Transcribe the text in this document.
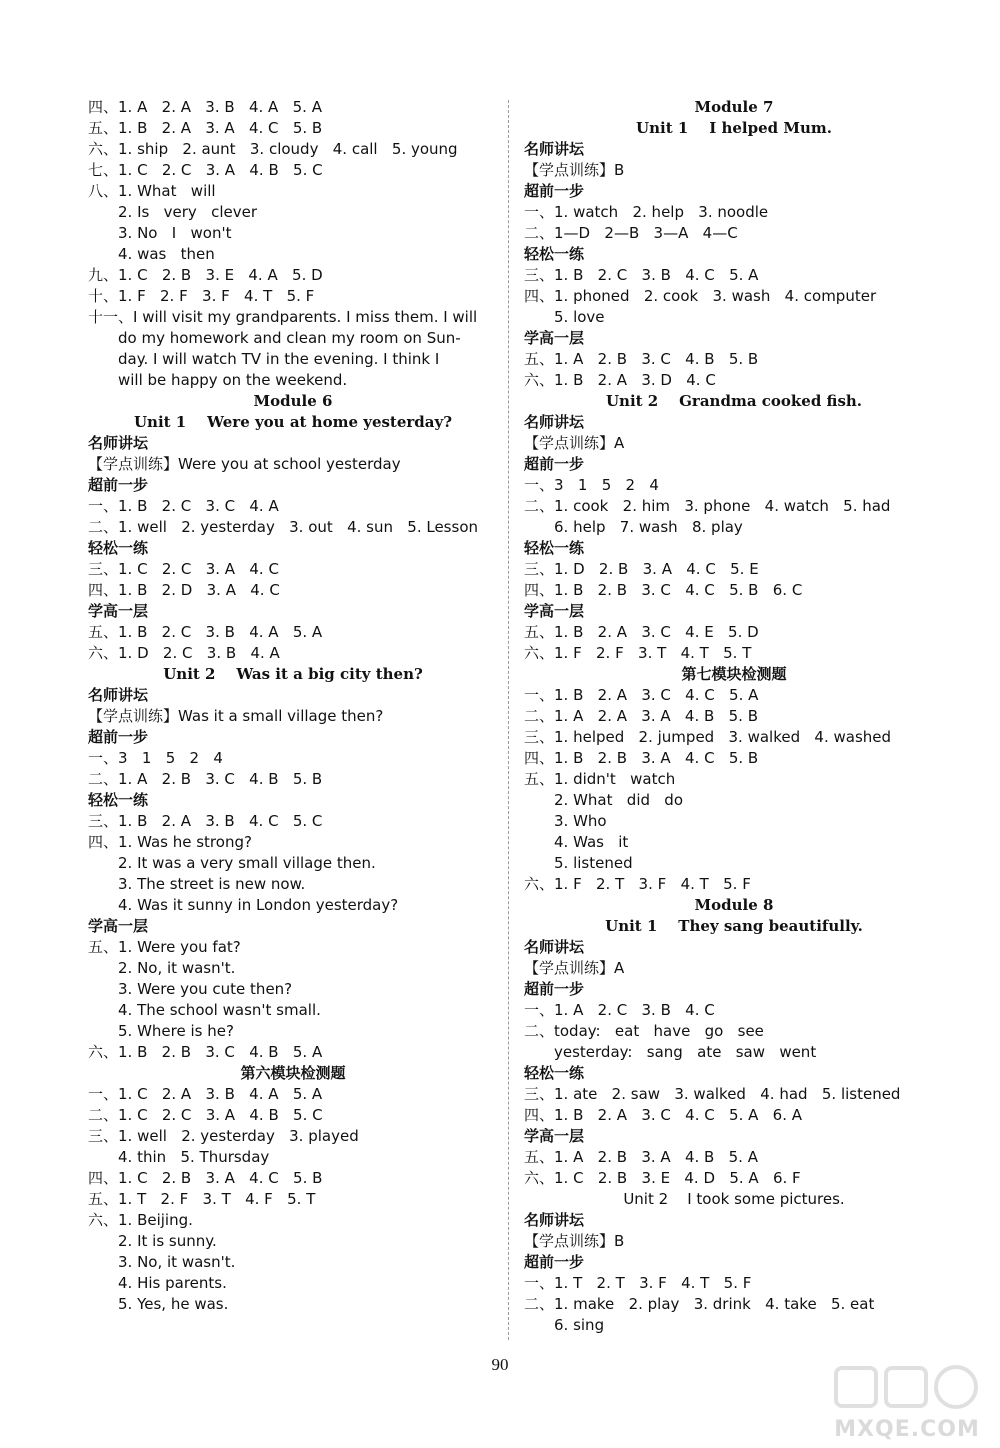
四、1. A   2. A   3. B   4. A   5. A
五、1. B   2. A   3. A   4. C   5. B
六、1. ship   2. aunt   3. cloudy   4. call   5. young
七、1. C   2. C   3. A   4. B   5. C
八、1. What   will
2. Is   very   clever
3. No   I   won't
4. was   then
九、1. C   2. B   3. E   4. A   5. D
十、1. F   2. F   3. F   4. T   5. F
十一、I will visit my grandparents. I miss them. I will
do my homework and clean my room on Sun-
day. I will watch TV in the evening. I think I
will be happy on the weekend.
Module 6
Unit 1    Were you at home yesterday?
名师讲坛
【学点训练】Were you at school yesterday
超前一步
一、1. B   2. C   3. C   4. A
二、1. well   2. yesterday   3. out   4. sun   5. Lesson
轻松一练
三、1. C   2. C   3. A   4. C
四、1. B   2. D   3. A   4. C
学高一层
五、1. B   2. C   3. B   4. A   5. A
六、1. D   2. C   3. B   4. A
Unit 2    Was it a big city then?
名师讲坛
【学点训练】Was it a small village then?
超前一步
一、3   1   5   2   4
二、1. A   2. B   3. C   4. B   5. B
轻松一练
三、1. B   2. A   3. B   4. C   5. C
四、1. Was he strong?
2. It was a very small village then.
3. The street is new now.
4. Was it sunny in London yesterday?
学高一层
五、1. Were you fat?
2. No, it wasn't.
3. Were you cute then?
4. The school wasn't small.
5. Where is he?
六、1. B   2. B   3. C   4. B   5. A
第六模块检测题
一、1. C   2. A   3. B   4. A   5. A
二、1. C   2. C   3. A   4. B   5. C
三、1. well   2. yesterday   3. played
4. thin   5. Thursday
四、1. C   2. B   3. A   4. C   5. B
五、1. T   2. F   3. T   4. F   5. T
六、1. Beijing.
2. It is sunny.
3. No, it wasn't.
4. His parents.
5. Yes, he was.
Module 7
Unit 1    I helped Mum.
名师讲坛
【学点训练】B
超前一步
一、1. watch   2. help   3. noodle
二、1—D   2—B   3—A   4—C
轻松一练
三、1. B   2. C   3. B   4. C   5. A
四、1. phoned   2. cook   3. wash   4. computer
5. love
学高一层
五、1. A   2. B   3. C   4. B   5. B
六、1. B   2. A   3. D   4. C
Unit 2    Grandma cooked fish.
名师讲坛
【学点训练】A
超前一步
一、3   1   5   2   4
二、1. cook   2. him   3. phone   4. watch   5. had
6. help   7. wash   8. play
轻松一练
三、1. D   2. B   3. A   4. C   5. E
四、1. B   2. B   3. C   4. C   5. B   6. C
学高一层
五、1. B   2. A   3. C   4. E   5. D
六、1. F   2. F   3. T   4. T   5. T
第七模块检测题
一、1. B   2. A   3. C   4. C   5. A
二、1. A   2. A   3. A   4. B   5. B
三、1. helped   2. jumped   3. walked   4. washed
四、1. B   2. B   3. A   4. C   5. B
五、1. didn't   watch
2. What   did   do
3. Who
4. Was   it
5. listened
六、1. F   2. T   3. F   4. T   5. F
Module 8
Unit 1    They sang beautifully.
名师讲坛
【学点训练】A
超前一步
一、1. A   2. C   3. B   4. C
二、today:   eat   have   go   see
yesterday:   sang   ate   saw   went
轻松一练
三、1. ate   2. saw   3. walked   4. had   5. listened
四、1. B   2. A   3. C   4. C   5. A   6. A
学高一层
五、1. A   2. B   3. A   4. B   5. A
六、1. C   2. B   3. E   4. D   5. A   6. F
Unit 2    I took some pictures.
名师讲坛
【学点训练】B
超前一步
一、1. T   2. T   3. F   4. T   5. F
二、1. make   2. play   3. drink   4. take   5. eat
6. sing
90
MXQE.COM
